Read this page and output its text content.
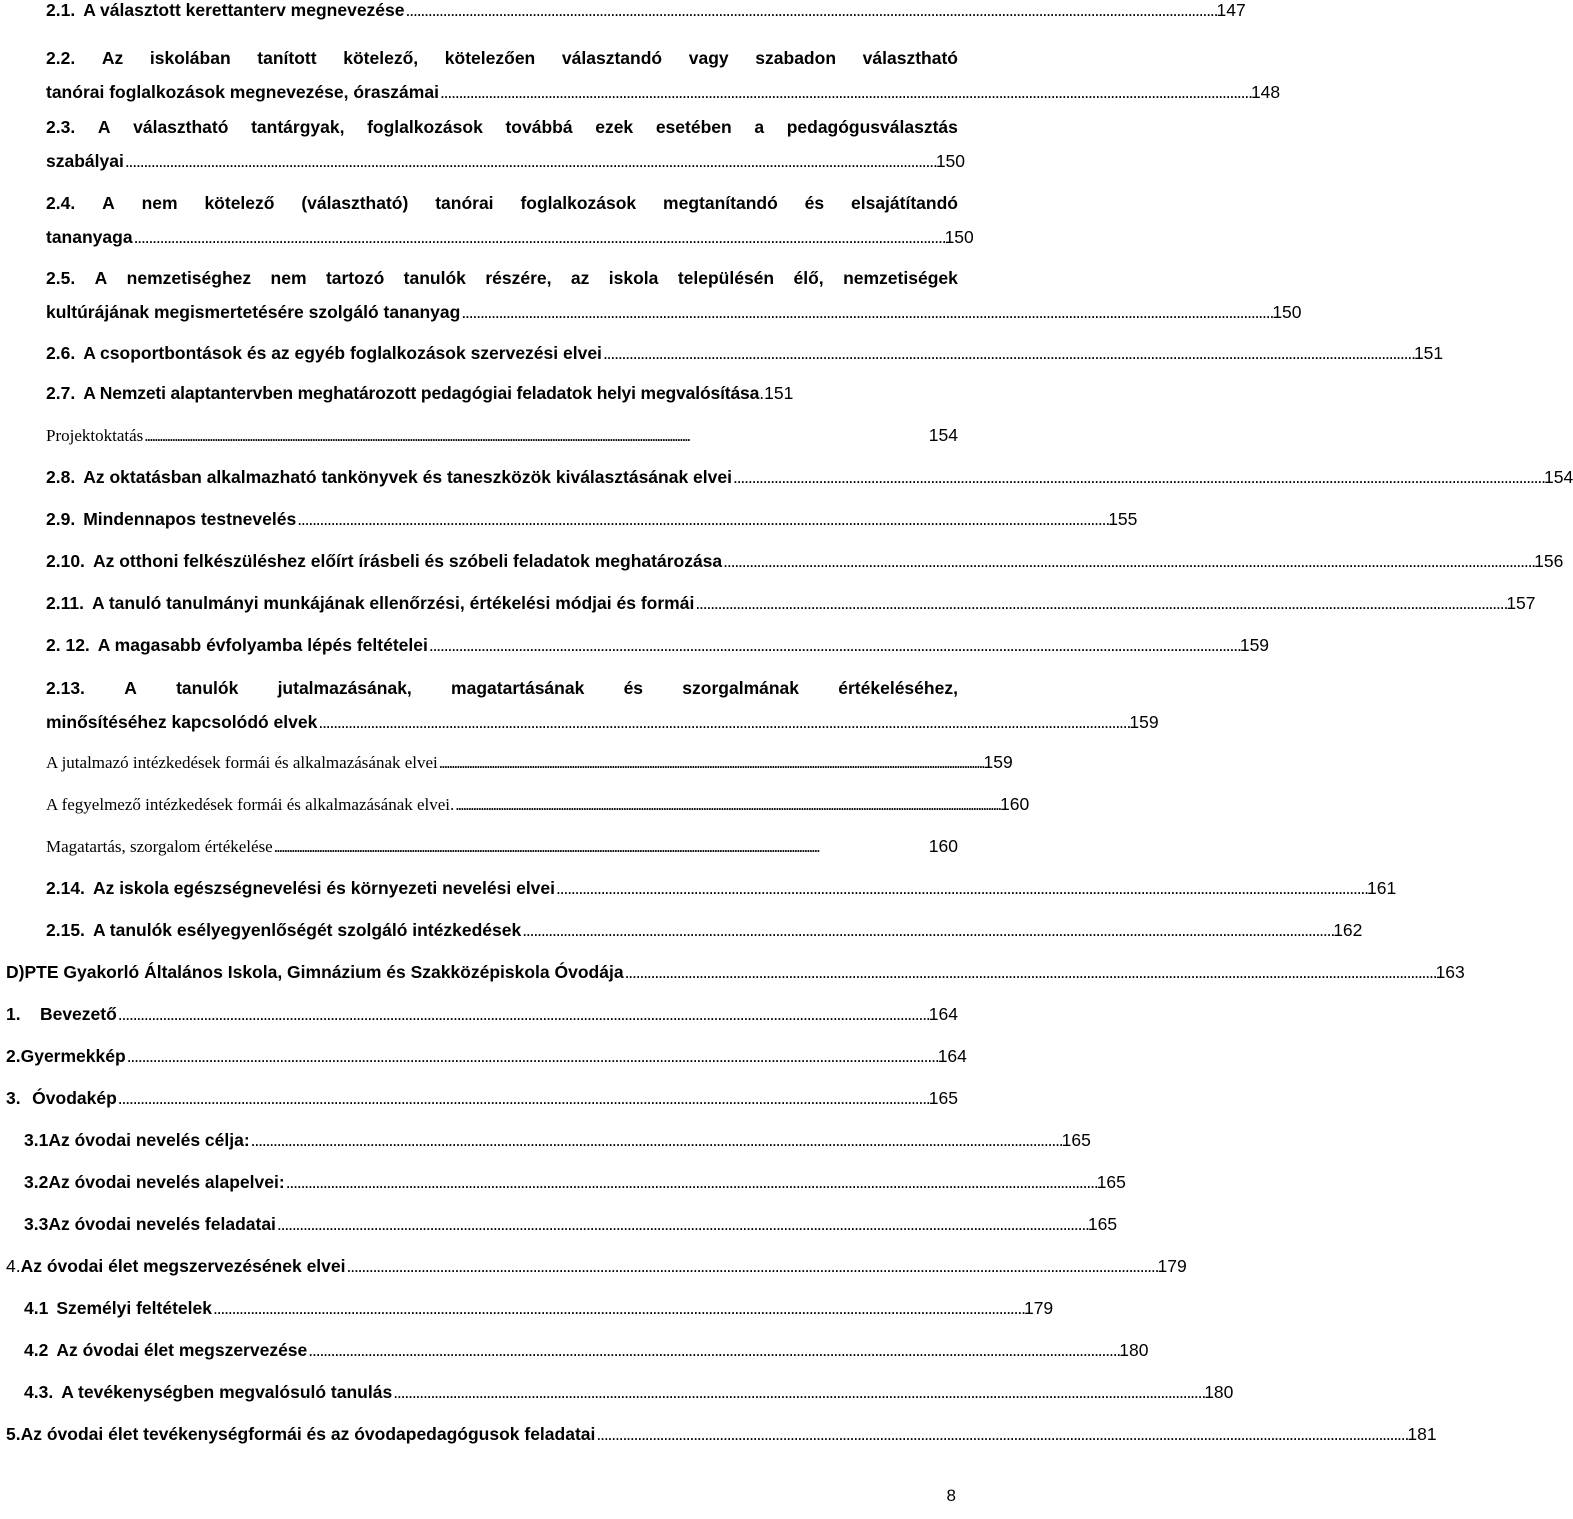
2.1. A választott kerettanterv megnevezése . . .	147
2.2. Az iskolában tanított kötelező, kötelezően választandó vagy szabadon választható
tanórai foglalkozások megnevezése, óraszámai . . .	148
2.3. A választható tantárgyak, foglalkozások továbbá ezek esetében a pedagógusválasztás
szabályai . . .	150
2.4. A nem kötelező (választható) tanórai foglalkozások megtanítandó és elsajátítandó
tananyaga . . .	150
2.5. A nemzetiséghez nem tartozó tanulók részére, az iskola településén élő, nemzetiségek
kultúrájának megismertetésére szolgáló tananyag . . .	150
2.6. A csoportbontások és az egyéb foglalkozások szervezési elvei . . .	151
2.7. A Nemzeti alaptantervben meghatározott pedagógiai feladatok helyi megvalósítása . 151
Projektoktatás . . .	154
2.8. Az oktatásban alkalmazható tankönyvek és taneszközök kiválasztásának elvei . . .	154
2.9. Mindennapos testnevelés . . .	155
2.10. Az otthoni felkészüléshez előírt írásbeli és szóbeli feladatok meghatározása . . .	156
2.11. A tanuló tanulmányi munkájának ellenőrzési, értékelési módjai és formái . . .	157
2. 12. A magasabb évfolyamba lépés feltételei . . .	159
2.13. A tanulók jutalmazásának, magatartásának és szorgalmának értékeléséhez,
minősítéséhez kapcsolódó elvek . . .	159
A jutalmazó intézkedések formái és alkalmazásának elvei . . .	159
A fegyelmező intézkedések formái és alkalmazásának elvei. . . .	160
Magatartás, szorgalom értékelése . . .	160
2.14. Az iskola egészségnevelési és környezeti nevelési elvei . . .	161
2.15. A tanulók esélyegyenlőségét szolgáló intézkedések . . .	162
D) PTE Gyakorló Általános Iskola, Gimnázium és Szakközépiskola Óvodája . . .	163
1.	Bevezető . . .	164
2. Gyermekkép . . .	164
3. Óvodakép . . .	165
3.1 Az óvodai nevelés célja: . . .	165
3.2 Az óvodai nevelés alapelvei: . . .	165
3.3 Az óvodai nevelés feladatai . . .	165
4. Az óvodai élet megszervezésének elvei . . .	179
4.1 Személyi feltételek . . .	179
4.2 Az óvodai élet megszervezése . . .	180
4.3. A tevékenységben megvalósuló tanulás . . .	180
5. Az óvodai élet tevékenységformái és az óvodapedagógusok feladatai . . .	181
8
